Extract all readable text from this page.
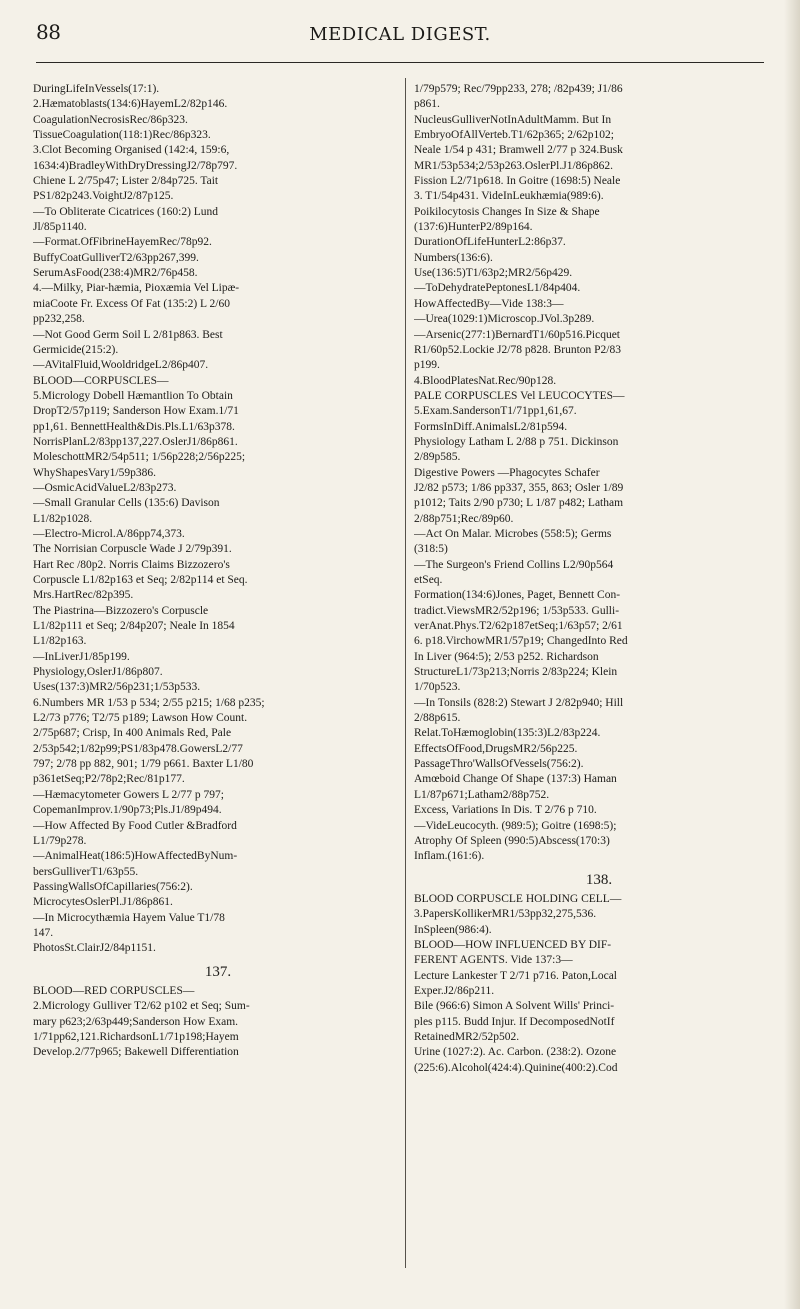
88	MEDICAL DIGEST.
DuringLifeInVessels(17:1).
2.Hæmatoblasts(134:6)HayemL2/82p146.
CoagulationNecrosisRec/86p323.
TissueCoagulation(118:1)Rec/86p323.
3.Clot Becoming Organised (142:4, 159:6,
1634:4)BradleyWithDryDressingJ2/78p797.
Chiene L 2/75p47; Lister 2/84p725. Tait
PS1/82p243.VoightJ2/87p125.
—To Obliterate Cicatrices (160:2) Lund
Jl/85p1140.
—Format.OfFibrineHayemRec/78p92.
BuffyCoatGulliverT2/63pp267,399.
SerumAsFood(238:4)MR2/76p458.
4.—Milky, Piar-hæmia, Pioxæmia Vel Lipæ-
miaCoote Fr. Excess Of Fat (135:2) L 2/60
pp232,258.
—Not Good Germ Soil L 2/81p863. Best
Germicide(215:2).
—AVitalFluid,WooldridgeL2/86p407.
BLOOD—CORPUSCLES—
5.Micrology Dobell Hæmantlion To Obtain
DropT2/57p119; Sanderson How Exam.1/71
pp1,61. BennettHealth&Dis.Pls.L1/63p378.
NorrisPlanL2/83pp137,227.OslerJ1/86p861.
MoleschottMR2/54p511; 1/56p228;2/56p225;
WhyShapesVary1/59p386.
—OsmicAcidValueL2/83p273.
—Small Granular Cells (135:6) Davison
L1/82p1028.
—Electro-Microl.A/86pp74,373.
The Norrisian Corpuscle Wade J 2/79p391.
Hart Rec /80p2. Norris Claims Bizzozero's
Corpuscle L1/82p163 et Seq; 2/82p114 et Seq.
Mrs.HartRec/82p395.
The Piastrina—Bizzozero's Corpuscle
L1/82p111 et Seq; 2/84p207; Neale In 1854
L1/82p163.
—InLiverJ1/85p199.
Physiology,OslerJ1/86p807.
Uses(137:3)MR2/56p231;1/53p533.
6.Numbers MR 1/53 p 534; 2/55 p215; 1/68 p235;
L2/73 p776; T2/75 p189; Lawson How Count.
2/75p687; Crisp, In 400 Animals Red, Pale
2/53p542;1/82p99;PS1/83p478.GowersL2/77
797; 2/78 pp 882, 901; 1/79 p661. Baxter L1/80
p361etSeq;P2/78p2;Rec/81p177.
—Hæmacytometer Gowers L 2/77 p 797;
CopemanImprov.1/90p73;Pls.J1/89p494.
—How Affected By Food Cutler &Bradford
L1/79p278.
—AnimalHeat(186:5)HowAffectedByNum-
bersGulliverT1/63p55.
PassingWallsOfCapillaries(756:2).
MicrocytesOslerPl.J1/86p861.
—In Microcythæmia Hayem Value T1/78
147.
PhotosSt.ClairJ2/84p1151.
137.
BLOOD—RED CORPUSCLES—
2.Micrology Gulliver T2/62 p102 et Seq; Sum-
mary p623;2/63p449;Sanderson How Exam.
1/71pp62,121.RichardsonL1/71p198;Hayem
Develop.2/77p965; Bakewell Differentiation
1/79p579; Rec/79pp233, 278; /82p439; J1/86
p861.
NucleusGulliverNotInAdultMamm. But In
EmbryoOfAllVerteb.T1/62p365; 2/62p102;
Neale 1/54 p 431; Bramwell 2/77 p 324.Busk
MR1/53p534;2/53p263.OslerPl.J1/86p862.
Fission L2/71p618. In Goitre (1698:5) Neale
3. T1/54p431. VideInLeukhæmia(989:6).
Poikilocytosis Changes In Size & Shape
(137:6)HunterP2/89p164.
DurationOfLifeHunterL2:86p37.
Numbers(136:6).
Use(136:5)T1/63p2;MR2/56p429.
—ToDehydratePeptonesL1/84p404.
HowAffectedBy—Vide 138:3—
—Urea(1029:1)Microscop.JVol.3p289.
—Arsenic(277:1)BernardT1/60p516.Picquet
R1/60p52.Lockie J2/78 p828. Brunton P2/83
p199.
4.BloodPlatesNat.Rec/90p128.
PALE CORPUSCLES Vel LEUCOCYTES—
5.Exam.SandersonT1/71pp1,61,67.
FormsInDiff.AnimalsL2/81p594.
Physiology Latham L 2/88 p 751. Dickinson
2/89p585.
Digestive Powers —Phagocytes Schafer
J2/82 p573; 1/86 pp337, 355, 863; Osler 1/89
p1012; Taits 2/90 p730; L 1/87 p482; Latham
2/88p751;Rec/89p60.
—Act On Malar. Microbes (558:5); Germs
(318:5)
—The Surgeon's Friend Collins L2/90p564
etSeq.
Formation(134:6)Jones, Paget, Bennett Con-
tradict.ViewsMR2/52p196; 1/53p533. Gulli-
verAnat.Phys.T2/62p187etSeq;1/63p57; 2/61
6. p18.VirchowMR1/57p19; ChangedInto Red
In Liver (964:5); 2/53 p252. Richardson
StructureL1/73p213;Norris 2/83p224; Klein
1/70p523.
—In Tonsils (828:2) Stewart J 2/82p940; Hill
2/88p615.
Relat.ToHæmoglobin(135:3)L2/83p224.
EffectsOfFood,DrugsMR2/56p225.
PassageThro'WallsOfVessels(756:2).
Amœboid Change Of Shape (137:3) Haman
L1/87p671;Latham2/88p752.
Excess, Variations In Dis. T 2/76 p 710.
—VideLeucocyth. (989:5); Goitre (1698:5);
Atrophy Of Spleen (990:5)Abscess(170:3)
Inflam.(161:6).
138.
BLOOD CORPUSCLE HOLDING CELL—
3.PapersKollikerMR1/53pp32,275,536.
InSpleen(986:4).
BLOOD—HOW INFLUENCED BY DIF-
FERENT AGENTS. Vide 137:3—
Lecture Lankester T 2/71 p716. Paton,Local
Exper.J2/86p211.
Bile (966:6) Simon A Solvent Wills' Princi-
ples p115. Budd Injur. If DecomposedNotIf
RetainedMR2/52p502.
Urine (1027:2). Ac. Carbon. (238:2). Ozone
(225:6).Alcohol(424:4).Quinine(400:2).Cod
